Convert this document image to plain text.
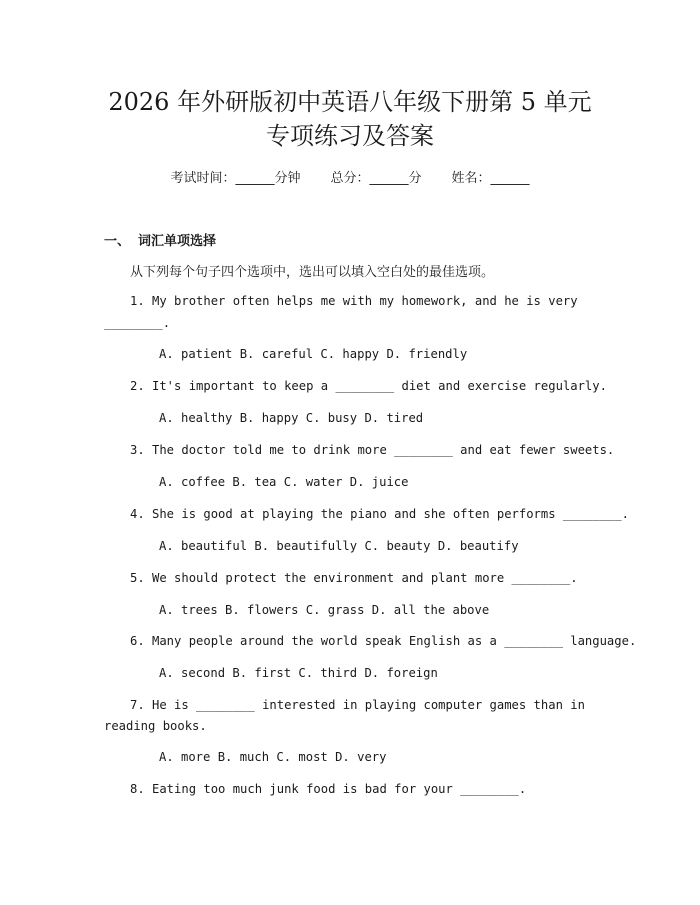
2026 年外研版初中英语八年级下册第 5 单元
专项练习及答案
考试时间：______分钟 总分：______分 姓名：______
一、 词汇单项选择
从下列每个句子四个选项中，选出可以填入空白处的最佳选项。
1. My brother often helps me with my homework, and he is very
________.
A. patient B. careful C. happy D. friendly
2. It's important to keep a ________ diet and exercise regularly.
A. healthy B. happy C. busy D. tired
3. The doctor told me to drink more ________ and eat fewer sweets.
A. coffee B. tea C. water D. juice
4. She is good at playing the piano and she often performs ________.
A. beautiful B. beautifully C. beauty D. beautify
5. We should protect the environment and plant more ________.
A. trees B. flowers C. grass D. all the above
6. Many people around the world speak English as a ________ language.
A. second B. first C. third D. foreign
7. He is ________ interested in playing computer games than in
reading books.
A. more B. much C. most D. very
8. Eating too much junk food is bad for your ________.
